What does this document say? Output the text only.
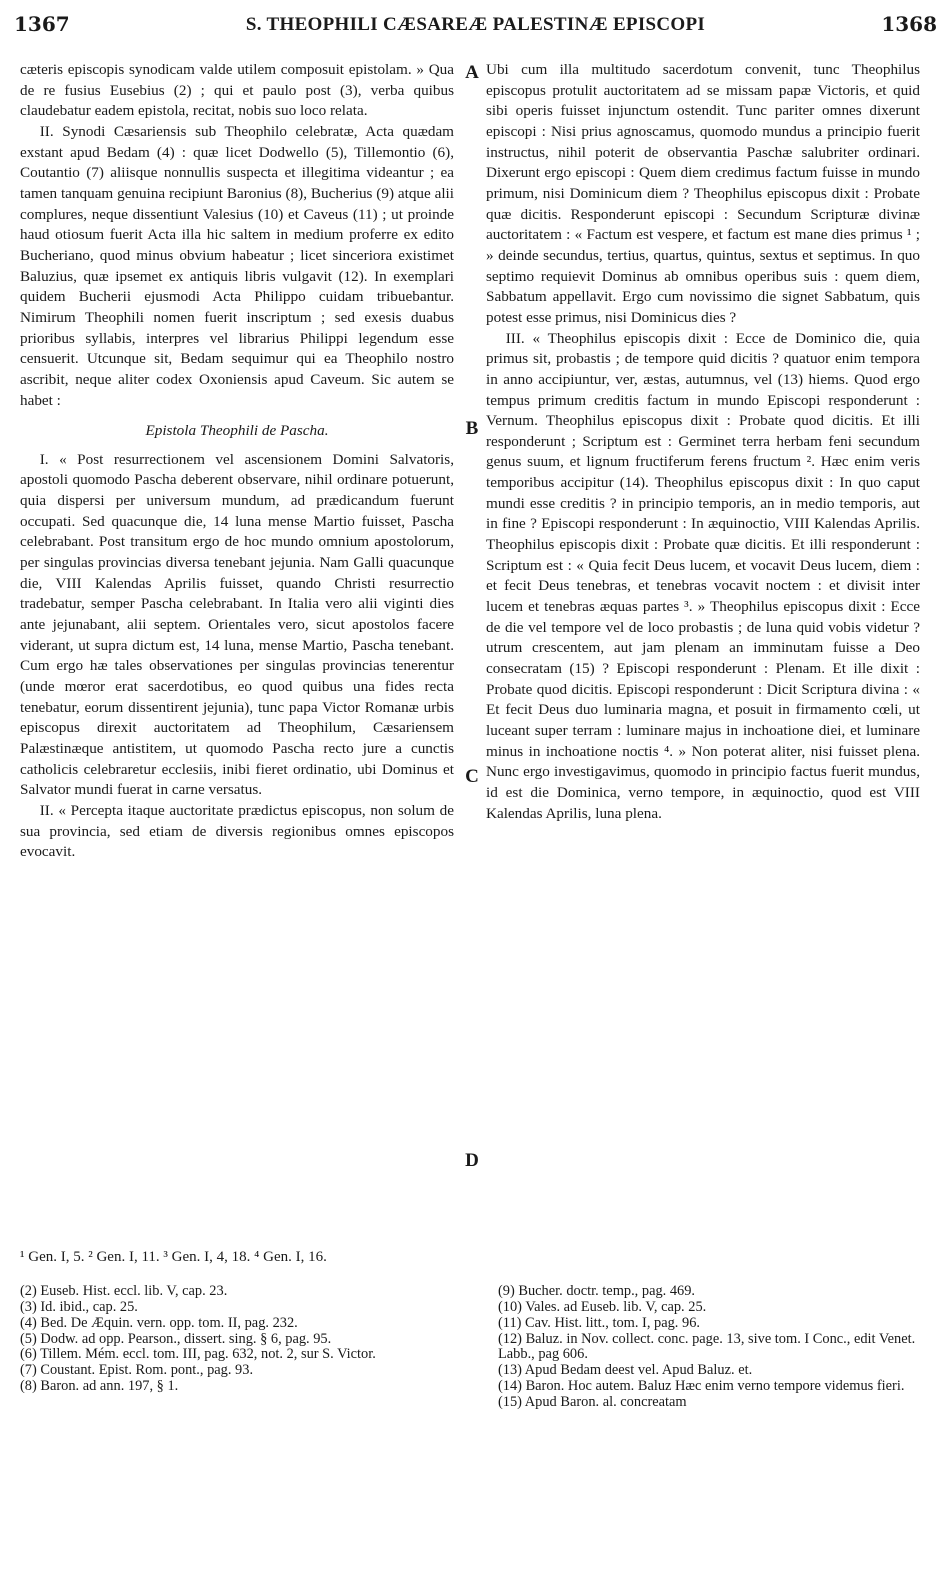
1367	S. THEOPHILI CÆSAREÆ PALESTINÆ EPISCOPI	1368

cæteris episcopis synodicam valde utilem composuit epistolam. » Qua de re fusius Eusebius (2) ; qui et paulo post (3), verba quibus claudebatur eadem epistola, recitat, nobis suo loco relata.

II. Synodi Cæsariensis sub Theophilo celebratæ, Acta quædam exstant apud Bedam (4) : quæ licet Dodwello (5), Tillemontio (6), Coutantio (7) aliisque nonnullis suspecta et illegitima videantur ; ea tamen tanquam genuina recipiunt Baronius (8), Bucherius (9) atque alii complures, neque dissentiunt Valesius (10) et Caveus (11) ; ut proinde haud otiosum fuerit Acta illa hic saltem in medium proferre ex edito Bucheriano, quod minus obvium habeatur ; licet sinceriora existimet Baluzius, quæ ipsemet ex antiquis libris vulgavit (12). In exemplari quidem Bucherii ejusmodi Acta Philippo cuidam tribuebantur. Nimirum Theophili nomen fuerit inscriptum ; sed exesis duabus prioribus syllabis, interpres vel librarius Philippi legendum esse censuerit. Utcunque sit, Bedam sequimur qui ea Theophilo nostro ascribit, neque aliter codex Oxoniensis apud Caveum. Sic autem se habet :

Epistola Theophili de Pascha.

I. « Post resurrectionem vel ascensionem Domini Salvatoris, apostoli quomodo Pascha deberent observare, nihil ordinare potuerunt, quia dispersi per universum mundum, ad prædicandum fuerunt occupati. Sed quacunque die, 14 luna mense Martio fuisset, Pascha celebrabant. Post transitum ergo de hoc mundo omnium apostolorum, per singulas provincias diversa tenebant jejunia. Nam Galli quacunque die, VIII Kalendas Aprilis fuisset, quando Christi resurrectio tradebatur, semper Pascha celebrabant. In Italia vero alii viginti dies ante jejunabant, alii septem. Orientales vero, sicut apostolos facere viderant, ut supra dictum est, 14 luna, mense Martio, Pascha tenebant. Cum ergo hæ tales observationes per singulas provincias tenerentur (unde mœror erat sacerdotibus, eo quod quibus una fides recta tenebatur, eorum dissentirent jejunia), tunc papa Victor Romanæ urbis episcopus direxit auctoritatem ad Theophilum, Cæsariensem Palæstinæque antistitem, ut quomodo Pascha recto jure a cunctis catholicis celebraretur ecclesiis, inibi fieret ordinatio, ubi Dominus et Salvator mundi fuerat in carne versatus.

II. « Percepta itaque auctoritate prædictus episcopus, non solum de sua provincia, sed etiam de diversis regionibus omnes episcopos evocavit.

A
B
C
D

Ubi cum illa multitudo sacerdotum convenit, tunc Theophilus episcopus protulit auctoritatem ad se missam papæ Victoris, et quid sibi operis fuisset injunctum ostendit. Tunc pariter omnes dixerunt episcopi : Nisi prius agnoscamus, quomodo mundus a principio fuerit instructus, nihil poterit de observantia Paschæ salubriter ordinari. Dixerunt ergo episcopi : Quem diem credimus factum fuisse in mundo primum, nisi Dominicum diem ? Theophilus episcopus dixit : Probate quæ dicitis. Responderunt episcopi : Secundum Scripturæ divinæ auctoritatem : « Factum est vespere, et factum est mane dies primus ¹ ; » deinde secundus, tertius, quartus, quintus, sextus et septimus. In quo septimo requievit Dominus ab omnibus operibus suis : quem diem, Sabbatum appellavit. Ergo cum novissimo die signet Sabbatum, quis potest esse primus, nisi Dominicus dies ?

III. « Theophilus episcopis dixit : Ecce de Dominico die, quia primus sit, probastis ; de tempore quid dicitis ? quatuor enim tempora in anno accipiuntur, ver, æstas, autumnus, vel (13) hiems. Quod ergo tempus primum creditis factum in mundo Episcopi responderunt : Vernum. Theophilus episcopus dixit : Probate quod dicitis. Et illi responderunt ; Scriptum est : Germinet terra herbam feni secundum genus suum, et lignum fructiferum ferens fructum ². Hæc enim veris temporibus accipitur (14). Theophilus episcopus dixit : In quo caput mundi esse creditis ? in principio temporis, an in medio temporis, aut in fine ? Episcopi responderunt : In æquinoctio, VIII Kalendas Aprilis. Theophilus episcopis dixit : Probate quæ dicitis. Et illi responderunt : Scriptum est : « Quia fecit Deus lucem, et vocavit Deus lucem, diem : et fecit Deus tenebras, et tenebras vocavit noctem : et divisit inter lucem et tenebras æquas partes ³. » Theophilus episcopus dixit : Ecce de die vel tempore vel de loco probastis ; de luna quid vobis videtur ? utrum crescentem, aut jam plenam an imminutam fuisse a Deo consecratam (15) ? Episcopi responderunt : Plenam. Et ille dixit : Probate quod dicitis. Episcopi responderunt : Dicit Scriptura divina : « Et fecit Deus duo luminaria magna, et posuit in firmamento cœli, ut luceant super terram : luminare majus in inchoatione diei, et luminare minus in inchoatione noctis ⁴. » Non poterat aliter, nisi fuisset plena. Nunc ergo investigavimus, quomodo in principio factus fuerit mundus, id est die Dominica, verno tempore, in æquinoctio, quod est VIII Kalendas Aprilis, luna plena.

¹ Gen. I, 5. ² Gen. I, 11. ³ Gen. I, 4, 18. ⁴ Gen. I, 16.
(2) Euseb. Hist. eccl. lib. V, cap. 23.
(3) Id. ibid., cap. 25.
(4) Bed. De Æquin. vern. opp. tom. II, pag. 232.
(5) Dodw. ad opp. Pearson., dissert. sing. § 6, pag. 95.
(6) Tillem. Mém. eccl. tom. III, pag. 632, not. 2, sur S. Victor.
(7) Coustant. Epist. Rom. pont., pag. 93.
(8) Baron. ad ann. 197, § 1.
(9) Bucher. doctr. temp., pag. 469.
(10) Vales. ad Euseb. lib. V, cap. 25.
(11) Cav. Hist. litt., tom. I, pag. 96.
(12) Baluz. in Nov. collect. conc. page. 13, sive tom. I Conc., edit Venet. Labb., pag 606.
(13) Apud Bedam deest vel. Apud Baluz. et.
(14) Baron. Hoc autem. Baluz Hæc enim verno tempore videmus fieri.
(15) Apud Baron. al. concreatam
